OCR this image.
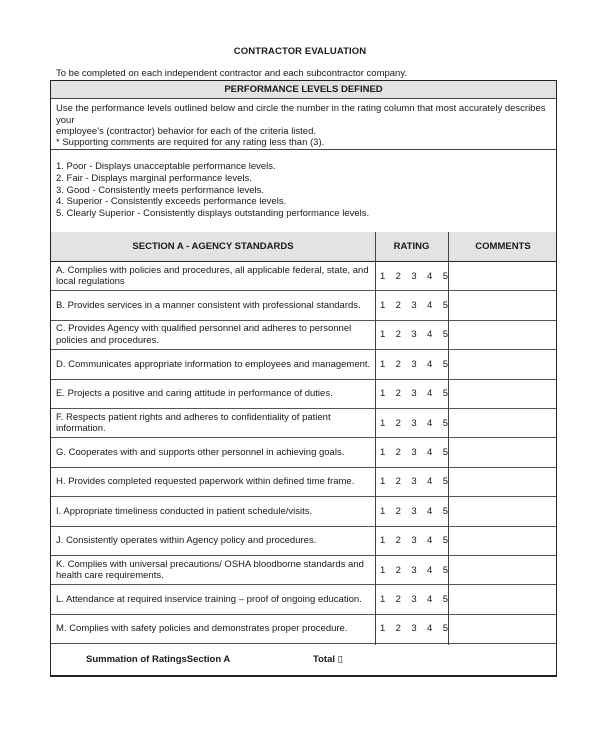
CONTRACTOR EVALUATION
To be completed on each independent contractor and each subcontractor company.
PERFORMANCE LEVELS DEFINED
Use the performance levels outlined below and circle the number in the rating column that most accurately describes your
employee's (contractor) behavior for each of the criteria listed.
* Supporting comments are required for any rating less than (3).
1. Poor - Displays unacceptable performance levels.
2. Fair - Displays marginal performance levels.
3. Good - Consistently meets performance levels.
4. Superior - Consistently exceeds performance levels.
5. Clearly Superior - Consistently displays outstanding performance levels.
SECTION A - AGENCY STANDARDS	RATING	COMMENTS
A. Complies with policies and procedures, all applicable federal, state, and
local regulations	1 2 3 4 5
B. Provides services in a manner consistent with professional standards. 1 2 3 4 5
C. Provides Agency with qualified personnel and adheres to personnel
policies and procedures.	1 2 3 4 5
D. Communicates appropriate information to employees and management. 1 2 3 4 5
E. Projects a positive and caring attitude in performance of duties.	1 2 3 4 5
F. Respects patient rights and adheres to confidentiality of patient
information.	1 2 3 4 5
G. Cooperates with and supports other personnel in achieving goals.	1 2 3 4 5
H. Provides completed requested paperwork within defined time frame.	1 2 3 4 5
I. Appropriate timeliness conducted in patient schedule/visits.	1 2 3 4 5
J. Consistently operates within Agency policy and procedures.	1 2 3 4 5
K. Complies with universal precautions/ OSHA bloodborne standards and
health care requirements.	1 2 3 4 5
L. Attendance at required inservice training – proof of ongoing education. 1 2 3 4 5
M. Complies with safety policies and demonstrates proper procedure.	1 2 3 4 5
Summation of RatingsSection A	Total ▯
